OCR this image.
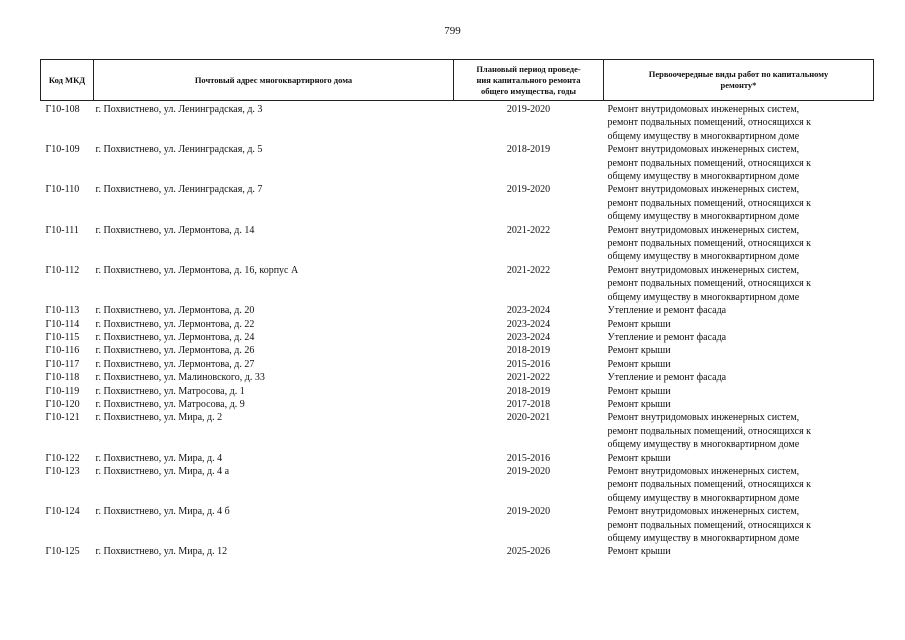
799
Код МКД	Почтовый адрес многоквартирного дома	Плановый период проведе-
ния капитального ремонта
общего имущества, годы	Первоочередные виды работ по капитальному
ремонту*

Г10-108	г. Похвистнево, ул. Ленинградская, д. 3	2019-2020	Ремонт внутридомовых инженерных систем,
ремонт подвальных помещений, относящихся к
общему имуществу в многоквартирном доме

Г10-109	г. Похвистнево, ул. Ленинградская, д. 5	2018-2019	Ремонт внутридомовых инженерных систем,
ремонт подвальных помещений, относящихся к
общему имуществу в многоквартирном доме

Г10-110	г. Похвистнево, ул. Ленинградская, д. 7	2019-2020	Ремонт внутридомовых инженерных систем,
ремонт подвальных помещений, относящихся к
общему имуществу в многоквартирном доме

Г10-111	г. Похвистнево, ул. Лермонтова, д. 14	2021-2022	Ремонт внутридомовых инженерных систем,
ремонт подвальных помещений, относящихся к
общему имуществу в многоквартирном доме

Г10-112	г. Похвистнево, ул. Лермонтова, д. 16, корпус А	2021-2022	Ремонт внутридомовых инженерных систем,
ремонт подвальных помещений, относящихся к
общему имуществу в многоквартирном доме

Г10-113	г. Похвистнево, ул. Лермонтова, д. 20	2023-2024	Утепление и ремонт фасада

Г10-114	г. Похвистнево, ул. Лермонтова, д. 22	2023-2024	Ремонт крыши

Г10-115	г. Похвистнево, ул. Лермонтова, д. 24	2023-2024	Утепление и ремонт фасада

Г10-116	г. Похвистнево, ул. Лермонтова, д. 26	2018-2019	Ремонт крыши

Г10-117	г. Похвистнево, ул. Лермонтова, д. 27	2015-2016	Ремонт крыши

Г10-118	г. Похвистнево, ул. Малиновского, д. 33	2021-2022	Утепление и ремонт фасада

Г10-119	г. Похвистнево, ул. Матросова, д. 1	2018-2019	Ремонт крыши

Г10-120	г. Похвистнево, ул. Матросова, д. 9	2017-2018	Ремонт крыши

Г10-121	г. Похвистнево, ул. Мира, д. 2	2020-2021	Ремонт внутридомовых инженерных систем,
ремонт подвальных помещений, относящихся к
общему имуществу в многоквартирном доме

Г10-122	г. Похвистнево, ул. Мира, д. 4	2015-2016	Ремонт крыши

Г10-123	г. Похвистнево, ул. Мира, д. 4 а	2019-2020	Ремонт внутридомовых инженерных систем,
ремонт подвальных помещений, относящихся к
общему имуществу в многоквартирном доме

Г10-124	г. Похвистнево, ул. Мира, д. 4 б	2019-2020	Ремонт внутридомовых инженерных систем,
ремонт подвальных помещений, относящихся к
общему имуществу в многоквартирном доме

Г10-125	г. Похвистнево, ул. Мира, д. 12	2025-2026	Ремонт крыши
